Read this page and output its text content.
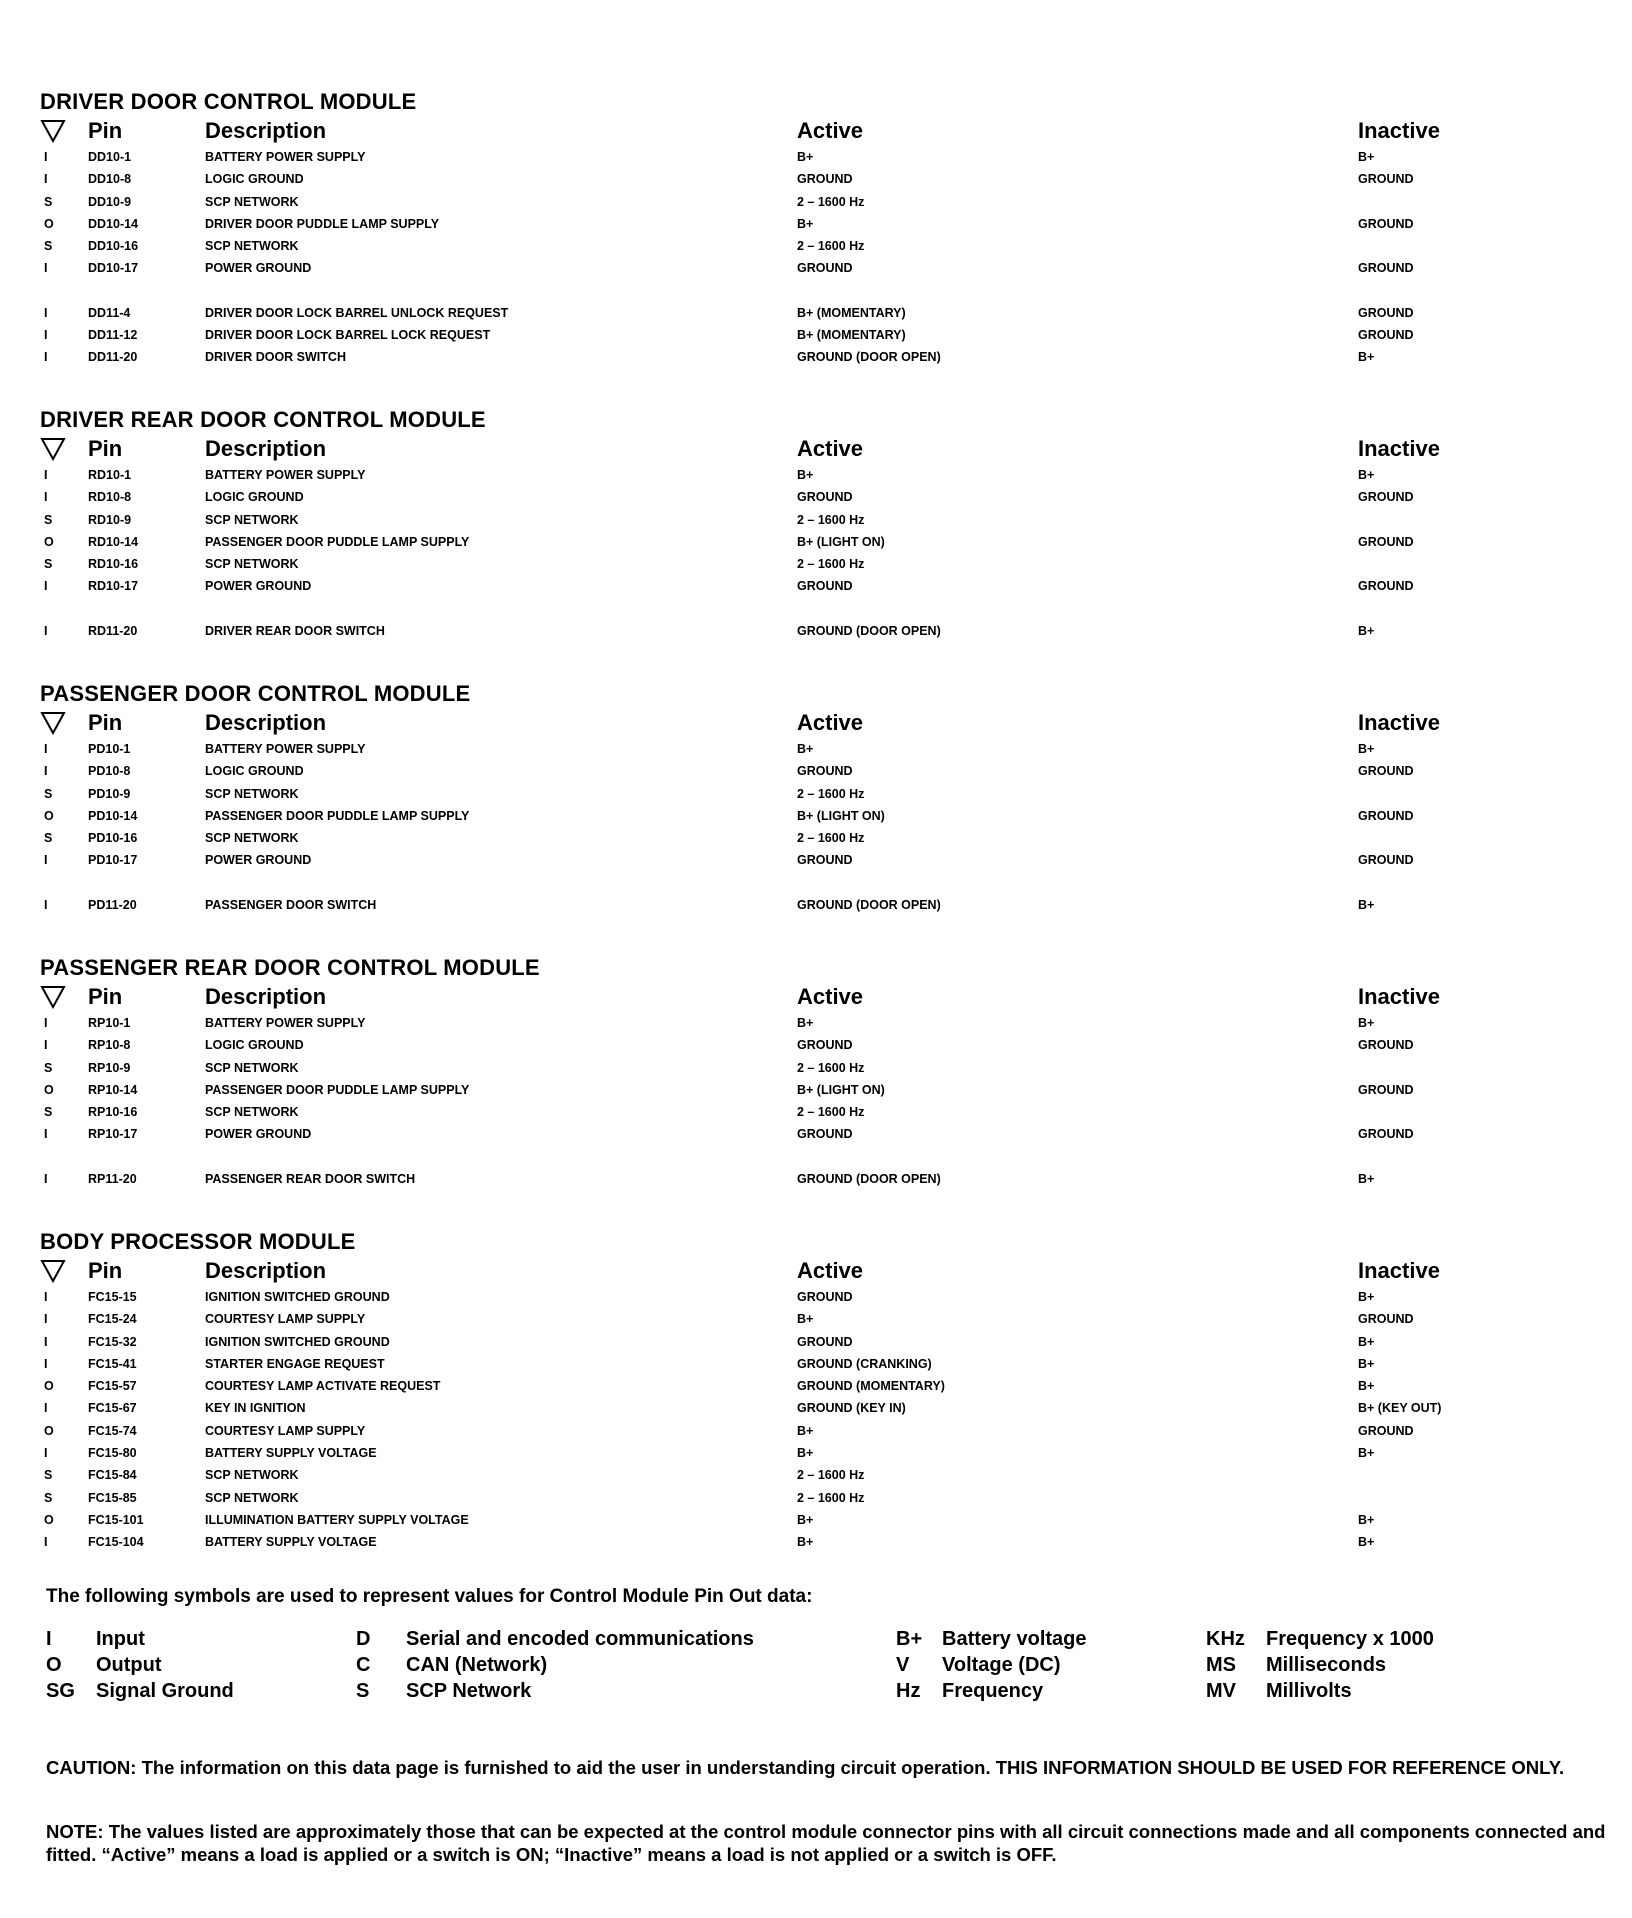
DRIVER DOOR CONTROL MODULE
Pin	Description	Active	Inactive
I	DD10-1	BATTERY POWER SUPPLY	B+	B+
I	DD10-8	LOGIC GROUND	GROUND	GROUND
S	DD10-9	SCP NETWORK	2 – 1600 Hz
O	DD10-14	DRIVER DOOR PUDDLE LAMP SUPPLY	B+	GROUND
S	DD10-16	SCP NETWORK	2 – 1600 Hz
I	DD10-17	POWER GROUND	GROUND	GROUND
I	DD11-4	DRIVER DOOR LOCK BARREL UNLOCK REQUEST	B+ (MOMENTARY)	GROUND
I	DD11-12	DRIVER DOOR LOCK BARREL LOCK REQUEST	B+ (MOMENTARY)	GROUND
I	DD11-20	DRIVER DOOR SWITCH	GROUND (DOOR OPEN)	B+
DRIVER REAR DOOR CONTROL MODULE
Pin	Description	Active	Inactive
I	RD10-1	BATTERY POWER SUPPLY	B+	B+
I	RD10-8	LOGIC GROUND	GROUND	GROUND
S	RD10-9	SCP NETWORK	2 – 1600 Hz
O	RD10-14	PASSENGER DOOR PUDDLE LAMP SUPPLY	B+ (LIGHT ON)	GROUND
S	RD10-16	SCP NETWORK	2 – 1600 Hz
I	RD10-17	POWER GROUND	GROUND	GROUND
I	RD11-20	DRIVER REAR DOOR SWITCH	GROUND (DOOR OPEN)	B+
PASSENGER DOOR CONTROL MODULE
Pin	Description	Active	Inactive
I	PD10-1	BATTERY POWER SUPPLY	B+	B+
I	PD10-8	LOGIC GROUND	GROUND	GROUND
S	PD10-9	SCP NETWORK	2 – 1600 Hz
O	PD10-14	PASSENGER DOOR PUDDLE LAMP SUPPLY	B+ (LIGHT ON)	GROUND
S	PD10-16	SCP NETWORK	2 – 1600 Hz
I	PD10-17	POWER GROUND	GROUND	GROUND
I	PD11-20	PASSENGER DOOR SWITCH	GROUND (DOOR OPEN)	B+
PASSENGER REAR DOOR CONTROL MODULE
Pin	Description	Active	Inactive
I	RP10-1	BATTERY POWER SUPPLY	B+	B+
I	RP10-8	LOGIC GROUND	GROUND	GROUND
S	RP10-9	SCP NETWORK	2 – 1600 Hz
O	RP10-14	PASSENGER DOOR PUDDLE LAMP SUPPLY	B+ (LIGHT ON)	GROUND
S	RP10-16	SCP NETWORK	2 – 1600 Hz
I	RP10-17	POWER GROUND	GROUND	GROUND
I	RP11-20	PASSENGER REAR DOOR SWITCH	GROUND (DOOR OPEN)	B+
BODY PROCESSOR MODULE
Pin	Description	Active	Inactive
I	FC15-15	IGNITION SWITCHED GROUND	GROUND	B+
I	FC15-24	COURTESY LAMP SUPPLY	B+	GROUND
I	FC15-32	IGNITION SWITCHED GROUND	GROUND	B+
I	FC15-41	STARTER ENGAGE REQUEST	GROUND (CRANKING)	B+
O	FC15-57	COURTESY LAMP ACTIVATE REQUEST	GROUND (MOMENTARY)	B+
I	FC15-67	KEY IN IGNITION	GROUND (KEY IN)	B+ (KEY OUT)
O	FC15-74	COURTESY LAMP SUPPLY	B+	GROUND
I	FC15-80	BATTERY SUPPLY VOLTAGE	B+	B+
S	FC15-84	SCP NETWORK	2 – 1600 Hz
S	FC15-85	SCP NETWORK	2 – 1600 Hz
O	FC15-101	ILLUMINATION BATTERY SUPPLY VOLTAGE	B+	B+
I	FC15-104	BATTERY SUPPLY VOLTAGE	B+	B+

The following symbols are used to represent values for Control Module Pin Out data:

I Input
O Output
SG Signal Ground
D Serial and encoded communications
C CAN (Network)
S SCP Network
B+ Battery voltage
V Voltage (DC)
Hz Frequency
KHz Frequency x 1000
MS Milliseconds
MV Millivolts

CAUTION: The information on this data page is furnished to aid the user in understanding circuit operation. THIS INFORMATION SHOULD BE USED FOR REFERENCE ONLY.

NOTE: The values listed are approximately those that can be expected at the control module connector pins with all circuit connections made and all components connected and fitted. “Active” means a load is applied or a switch is ON; “Inactive” means a load is not applied or a switch is OFF.
